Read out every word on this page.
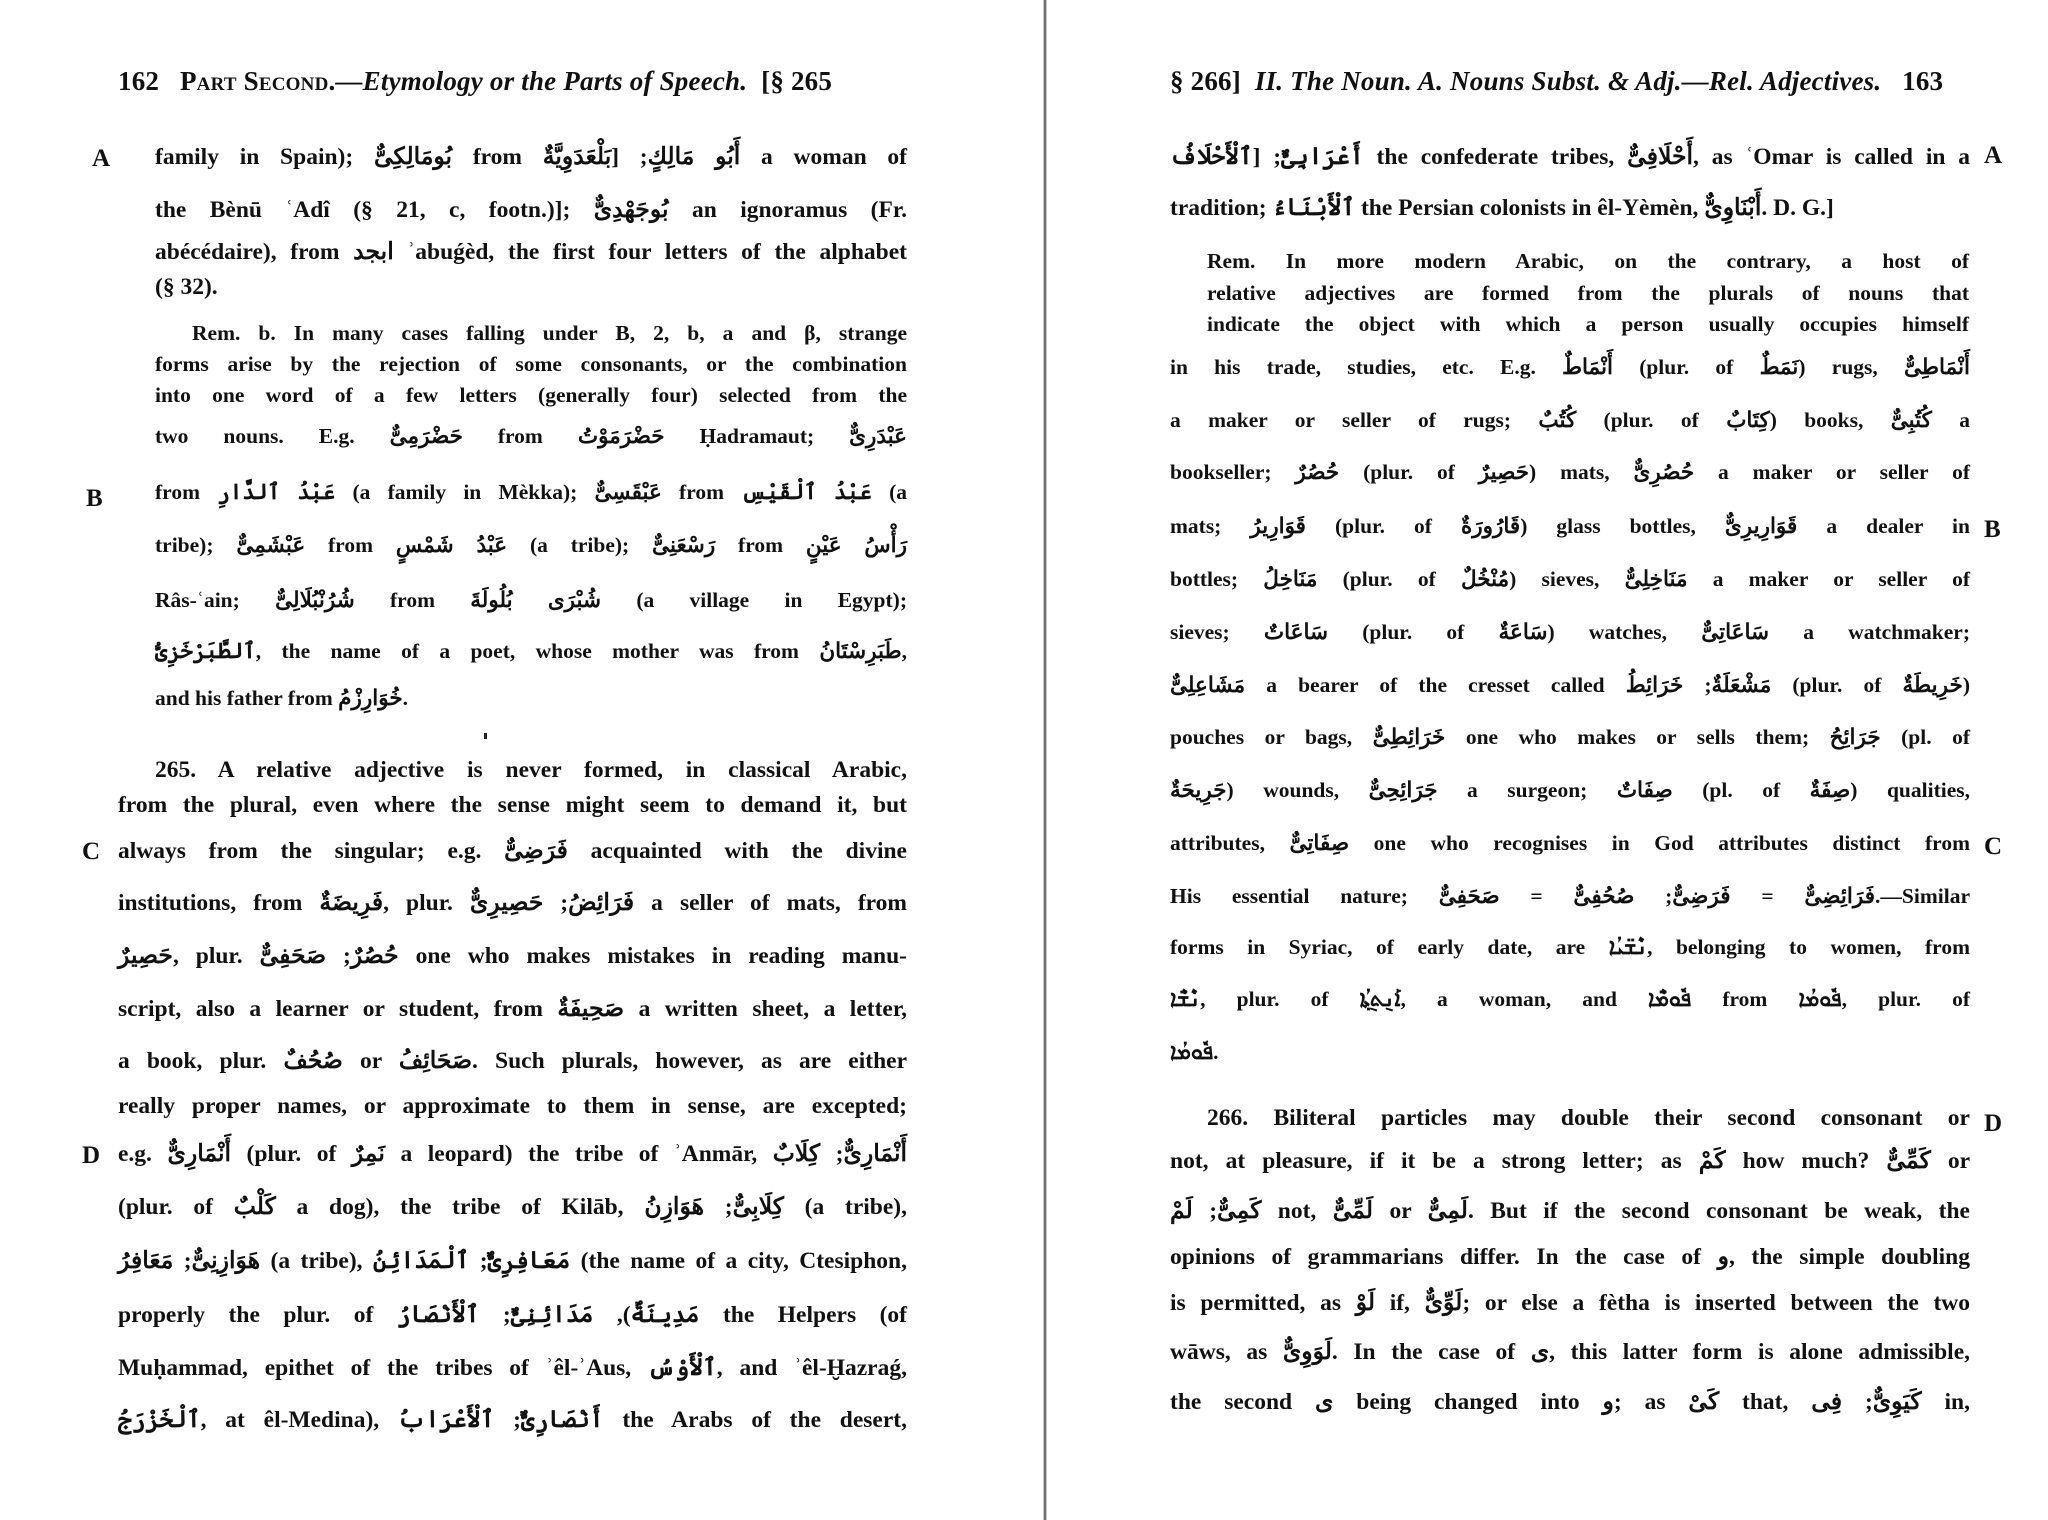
162 Part Second.—Etymology or the Parts of Speech. [§ 265
A
B
C
D
family in Spain); بُومَالِكِىٌّ from أَبُو مَالِكٍ; [بَلْعَدَوِيَّةٌ a woman of
the Bènū ʿAdî (§ 21, c, footn.)]; بُوجَهْدِىٌّ an ignoramus (Fr.
abécédaire), from ابجد ʾabuǵèd, the first four letters of the alphabet
(§ 32).
Rem. b. In many cases falling under B, 2, b, a and β, strange
forms arise by the rejection of some consonants, or the combination
into one word of a few letters (generally four) selected from the
two nouns. E.g. حَضْرَمِىٌّ from حَضْرَمَوْتُ Ḥadramaut; عَبْدَرِىٌّ
from عَبْدُ ٱلدَّارِ (a family in Mèkka); عَبْقَسِىٌّ from عَبْدُ ٱلْقَيْسِ (a
tribe); عَبْشَمِىٌّ from عَبْدُ شَمْسٍ (a tribe); رَسْعَنِىٌّ from رَأْسُ عَيْنٍ
Râs-ʿain; شُرُنْبُلَالِىٌّ from شُبْرَى بُلُولَةَ (a village in Egypt);
ٱلطَّبَرْخَزِىُّ, the name of a poet, whose mother was from طَبَرِسْتَانُ,
and his father from خُوَارِزْمُ.
265. A relative adjective is never formed, in classical Arabic,
from the plural, even where the sense might seem to demand it, but
always from the singular; e.g. فَرَضِىٌّ acquainted with the divine
institutions, from فَرِيضَةٌ, plur. فَرَائِضُ; حَصِيرِىٌّ a seller of mats, from
حَصِيرٌ, plur. حُصُرٌ; صَحَفِىٌّ one who makes mistakes in reading manu-
script, also a learner or student, from صَحِيفَةٌ a written sheet, a letter,
a book, plur. صُحُفٌ or صَحَائِفُ. Such plurals, however, as are either
really proper names, or approximate to them in sense, are excepted;
e.g. أَنْمَارِىٌّ (plur. of نَمِرٌ a leopard) the tribe of ʾAnmār, أَنْمَارِىٌّ; كِلَابٌ
(plur. of كَلْبٌ a dog), the tribe of Kilāb, كِلَابِىٌّ; هَوَازِنُ (a tribe),
هَوَازِنِىٌّ; مَعَافِرُ (a tribe), مَعَافِرِىٌّ; ٱلْمَدَائِنُ (the name of a city, Ctesiphon,
properly the plur. of مَدِينَةٌ), مَدَائِنِىٌّ; ٱلْأَنْصَارُ the Helpers (of
Muḥammad, epithet of the tribes of ʾêl-ʾAus, ٱلْأَوْسُ, and ʾêl-Ḫazraǵ,
ٱلْخَزْرَجُ, at êl-Medina), أَنْصَارِىٌّ; ٱلْأَعْرَابُ the Arabs of the desert,
§ 266] II. The Noun. A. Nouns Subst. & Adj.—Rel. Adjectives. 163
A
B
C
D
أَعْرَابِىٌّ; [ٱلْأَحْلَافُ the confederate tribes, أَحْلَافِىٌّ, as ʿOmar is called in a
tradition; ٱلْأَبْنَاءُ the Persian colonists in êl-Yèmèn, أَبْنَاوِىٌّ. D. G.]
Rem. In more modern Arabic, on the contrary, a host of
relative adjectives are formed from the plurals of nouns that
indicate the object with which a person usually occupies himself
in his trade, studies, etc. E.g. أَنْمَاطٌ (plur. of نَمَطٌ) rugs, أَنْمَاطِىٌّ
a maker or seller of rugs; كُتُبٌ (plur. of كِتَابٌ) books, كُتُبِىٌّ a
bookseller; حُصُرٌ (plur. of حَصِيرٌ) mats, حُصُرِىٌّ a maker or seller of
mats; قَوَارِيرُ (plur. of قَارُورَةٌ) glass bottles, قَوَارِيرِىٌّ a dealer in
bottles; مَنَاخِلُ (plur. of مُنْخُلٌ) sieves, مَنَاخِلِىٌّ a maker or seller of
sieves; سَاعَاتٌ (plur. of سَاعَةٌ) watches, سَاعَاتِىٌّ a watchmaker;
مَشَاعِلِىٌّ a bearer of the cresset called مَشْعَلَةٌ; خَرَائِطُ (plur. of خَرِيطَةٌ)
pouches or bags, خَرَائِطِىٌّ one who makes or sells them; جَرَائِحُ (pl. of
جَرِيحَةٌ) wounds, جَرَائِحِىٌّ a surgeon; صِفَاتٌ (pl. of صِفَةٌ) qualities,
attributes, صِفَاتِىٌّ one who recognises in God attributes distinct from
His essential nature; فَرَائِضِىٌّ = فَرَضِىٌّ; صُحُفِىٌّ = صَحَفِىٌّ.—Similar
forms in Syriac, of early date, are ܢܶܫ̈ܝܳܐ, belonging to women, from
ܢܶܫ̈ܶܐ, plur. of ܐܰܢ݈ܬ݈ܬ݂ܳܐ, a woman, and ܦܽܘܡ̈ܶܐ from ܦܽܘܡܳܐ, plur. of
ܦܽܘܡܳܐ.
266. Biliteral particles may double their second consonant or
not, at pleasure, if it be a strong letter; as كَمْ how much? كَمِّىٌّ or
كَمِىٌّ; لَمْ not, لَمِّىٌّ or لَمِىٌّ. But if the second consonant be weak, the
opinions of grammarians differ. In the case of و, the simple doubling
is permitted, as لَوْ if, لَوِّىٌّ; or else a fètha is inserted between the two
wāws, as لَوَوِىٌّ. In the case of ى, this latter form is alone admissible,
the second ى being changed into و; as كَىْ that, كَيَوِىٌّ; فِى in,
